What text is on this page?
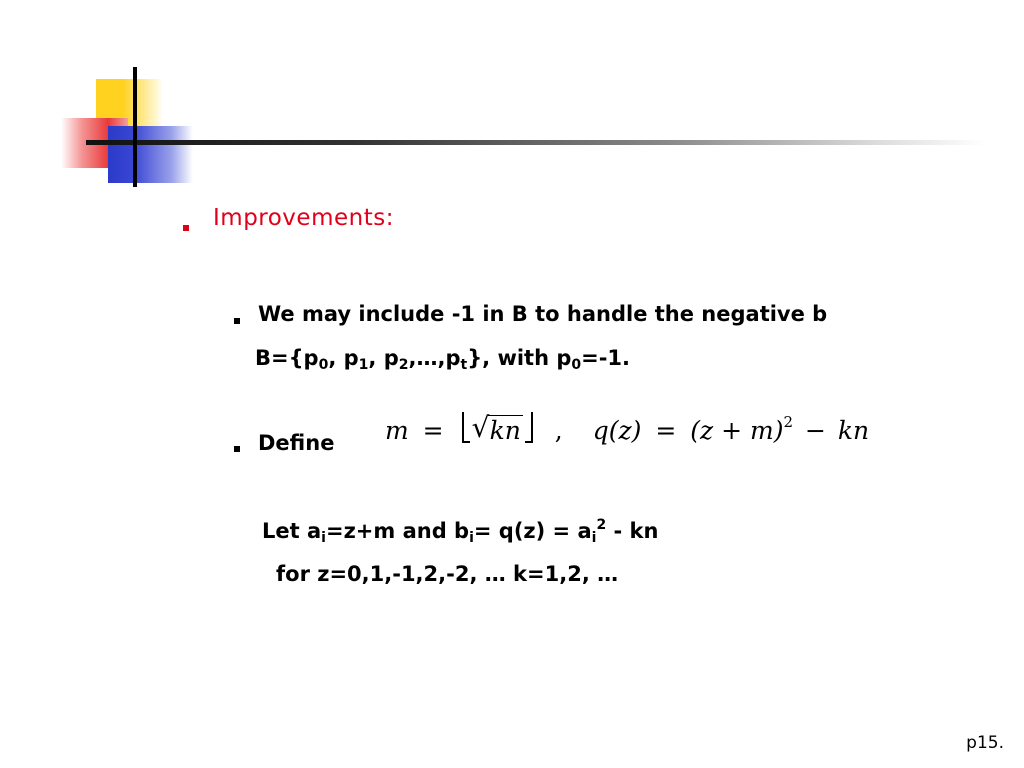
Improvements:
We may include -1 in B to handle the negative b
$B=\{p_0$, $p_1$, $p_2,\dots,p_t$}, with $p_0=-1$.
Define m = √ kn , q(z) = (z + m)2 − kn
Let $a_i=z+m$ and $b_i= q(z) = a_i^2$ - kn
for z=0,1,-1,2,-2, … k=1,2, …
p15.
